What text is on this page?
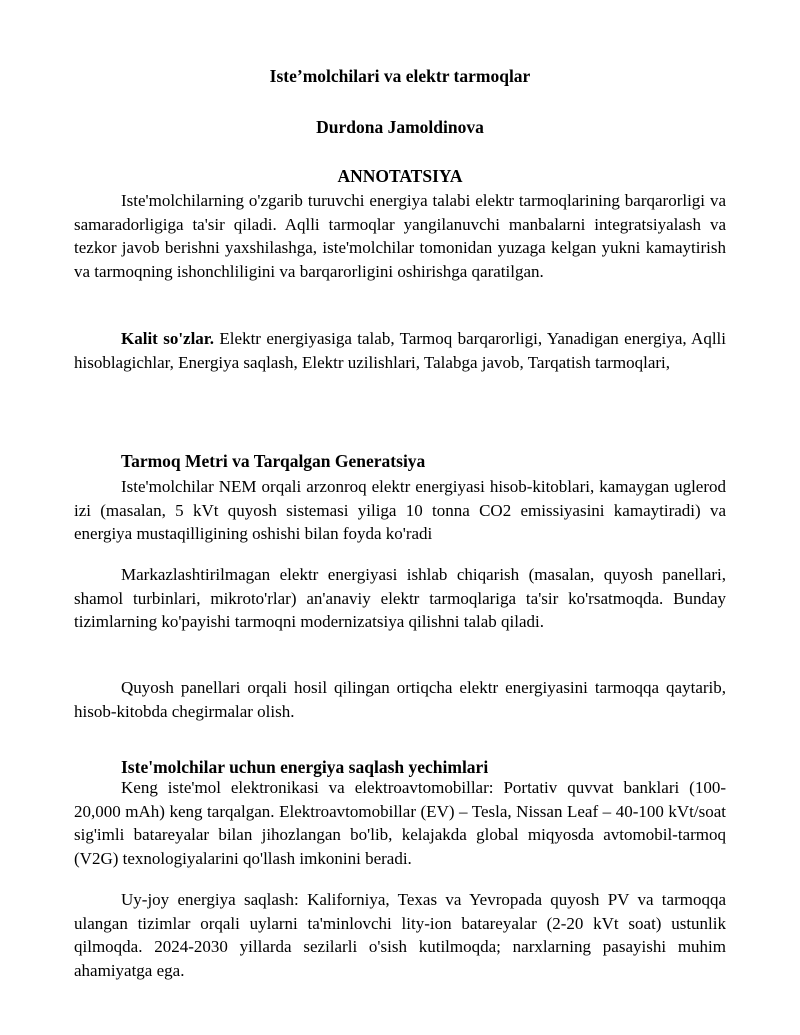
Iste’molchilari va elektr tarmoqlar
Durdona Jamoldinova
ANNOTATSIYA

Iste'molchilarning o'zgarib turuvchi energiya talabi elektr tarmoqlarining barqarorligi va samaradorligiga ta'sir qiladi. Aqlli tarmoqlar yangilanuvchi manbalarni integratsiyalash va tezkor javob berishni yaxshilashga, iste'molchilar tomonidan yuzaga kelgan yukni kamaytirish va tarmoqning ishonchliligini va barqarorligini oshirishga qaratilgan.

Kalit so'zlar. Elektr energiyasiga talab, Tarmoq barqarorligi, Yanadigan energiya, Aqlli hisoblagichlar, Energiya saqlash, Elektr uzilishlari, Talabga javob, Tarqatish tarmoqlari,

Tarmoq Metri va Tarqalgan Generatsiya

Iste'molchilar NEM orqali arzonroq elektr energiyasi hisob-kitoblari, kamaygan uglerod izi (masalan, 5 kVt quyosh sistemasi yiliga 10 tonna CO2 emissiyasini kamaytiradi) va energiya mustaqilligining oshishi bilan foyda ko'radi

Markazlashtirilmagan elektr energiyasi ishlab chiqarish (masalan, quyosh panellari, shamol turbinlari, mikroto'rlar) an'anaviy elektr tarmoqlariga ta'sir ko'rsatmoqda. Bunday tizimlarning ko'payishi tarmoqni modernizatsiya qilishni talab qiladi.

Quyosh panellari orqali hosil qilingan ortiqcha elektr energiyasini tarmoqqa qaytarib, hisob-kitobda chegirmalar olish.

Iste'molchilar uchun energiya saqlash yechimlari

Keng iste'mol elektronikasi va elektroavtomobillar: Portativ quvvat banklari (100-20,000 mAh) keng tarqalgan. Elektroavtomobillar (EV) – Tesla, Nissan Leaf – 40-100 kVt/soat sig'imli batareyalar bilan jihozlangan bo'lib, kelajakda global miqyosda avtomobil-tarmoq (V2G) texnologiyalarini qo'llash imkonini beradi.

Uy-joy energiya saqlash: Kaliforniya, Texas va Yevropada quyosh PV va tarmoqqa ulangan tizimlar orqali uylarni ta'minlovchi lity-ion batareyalar (2-20 kVt soat) ustunlik qilmoqda. 2024-2030 yillarda sezilarli o'sish kutilmoqda; narxlarning pasayishi muhim ahamiyatga ega.
